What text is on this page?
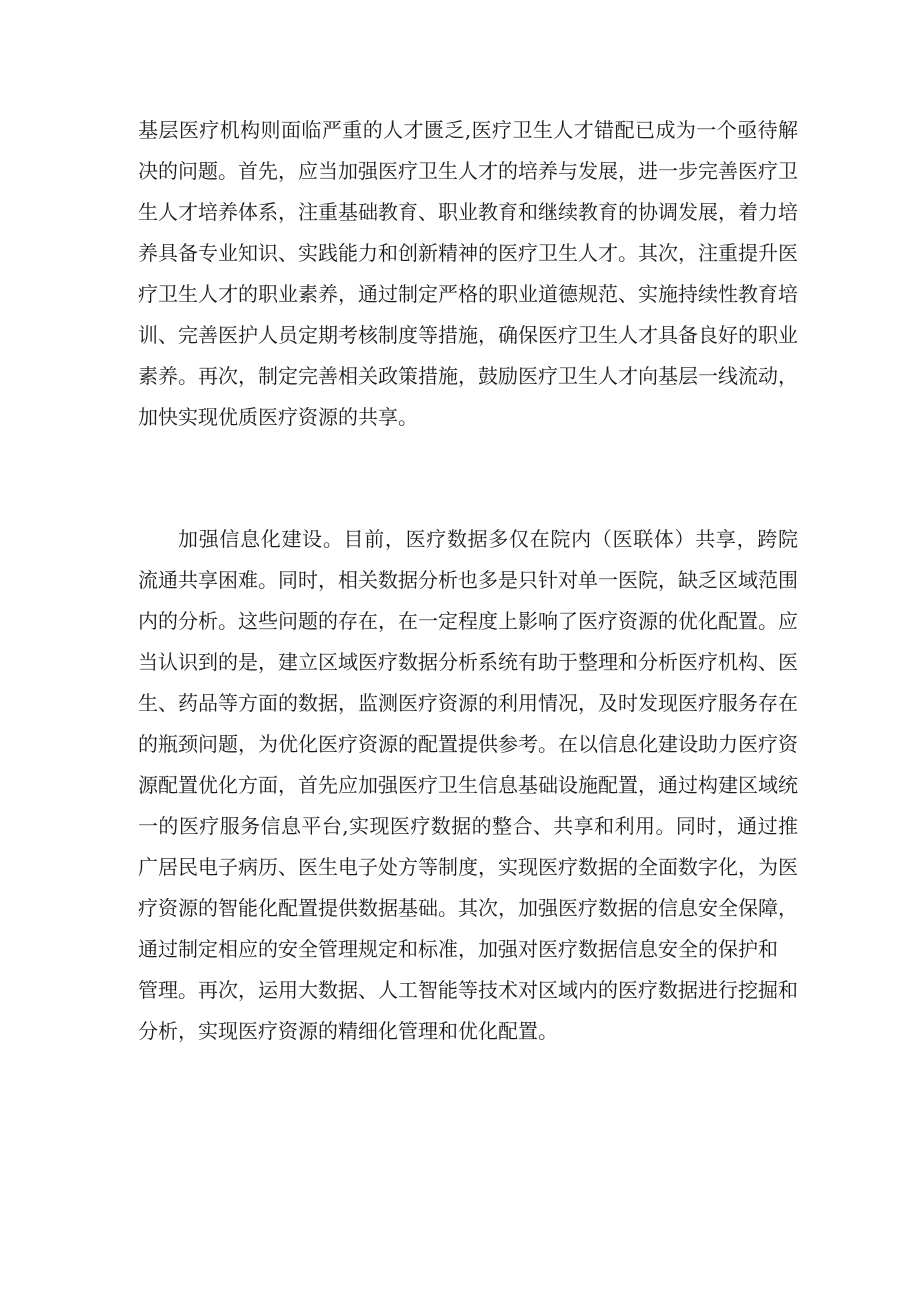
基层医疗机构则面临严重的人才匮乏,医疗卫生人才错配已成为一个亟待解
决的问题。首先，应当加强医疗卫生人才的培养与发展，进一步完善医疗卫
生人才培养体系，注重基础教育、职业教育和继续教育的协调发展，着力培
养具备专业知识、实践能力和创新精神的医疗卫生人才。其次，注重提升医
疗卫生人才的职业素养，通过制定严格的职业道德规范、实施持续性教育培
训、完善医护人员定期考核制度等措施，确保医疗卫生人才具备良好的职业
素养。再次，制定完善相关政策措施，鼓励医疗卫生人才向基层一线流动，
加快实现优质医疗资源的共享。
加强信息化建设。目前，医疗数据多仅在院内（医联体）共享，跨院
流通共享困难。同时，相关数据分析也多是只针对单一医院，缺乏区域范围
内的分析。这些问题的存在，在一定程度上影响了医疗资源的优化配置。应
当认识到的是，建立区域医疗数据分析系统有助于整理和分析医疗机构、医
生、药品等方面的数据，监测医疗资源的利用情况，及时发现医疗服务存在
的瓶颈问题，为优化医疗资源的配置提供参考。在以信息化建设助力医疗资
源配置优化方面，首先应加强医疗卫生信息基础设施配置，通过构建区域统
一的医疗服务信息平台,实现医疗数据的整合、共享和利用。同时，通过推
广居民电子病历、医生电子处方等制度，实现医疗数据的全面数字化，为医
疗资源的智能化配置提供数据基础。其次，加强医疗数据的信息安全保障，
通过制定相应的安全管理规定和标准，加强对医疗数据信息安全的保护和
管理。再次，运用大数据、人工智能等技术对区域内的医疗数据进行挖掘和
分析，实现医疗资源的精细化管理和优化配置。
